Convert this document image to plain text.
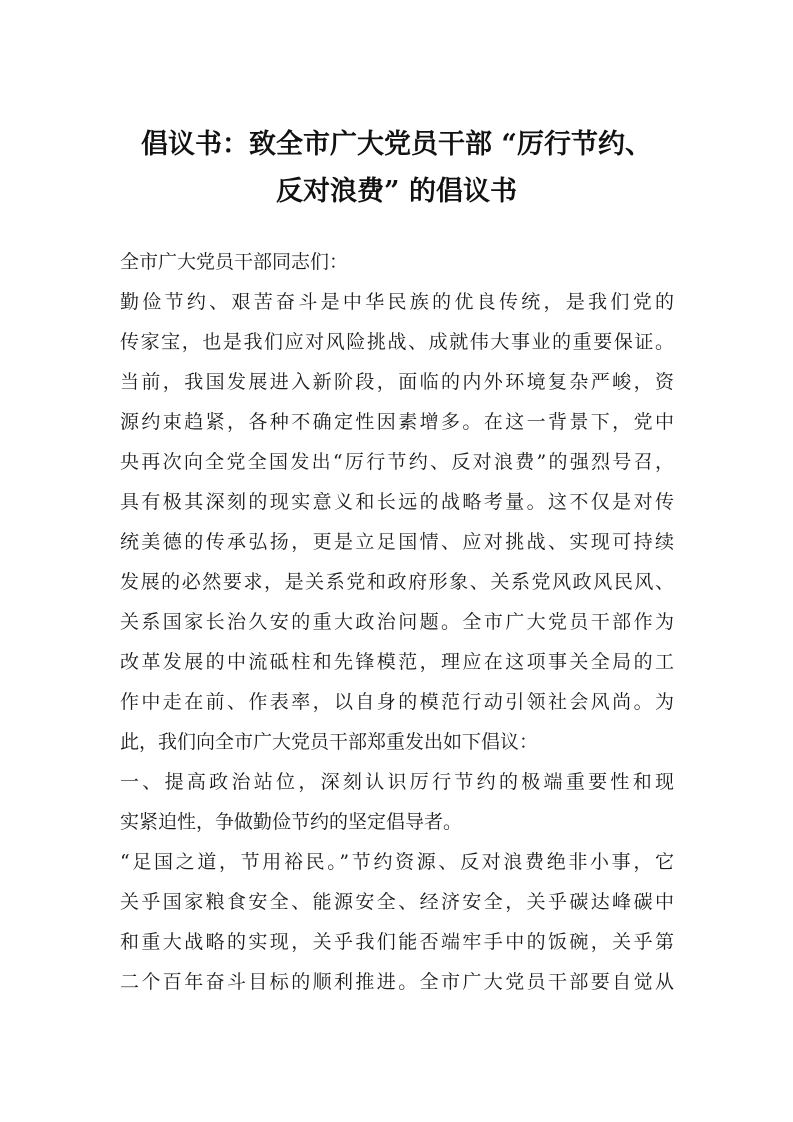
倡议书：致全市广大党员干部 “厉行节约、
反对浪费” 的倡议书
全市广大党员干部同志们：
勤俭节约、艰苦奋斗是中华民族的优良传统，是我们党的
传家宝，也是我们应对风险挑战、成就伟大事业的重要保证。
当前，我国发展进入新阶段，面临的内外环境复杂严峻，资
源约束趋紧，各种不确定性因素增多。在这一背景下，党中
央再次向全党全国发出“厉行节约、反对浪费”的强烈号召，
具有极其深刻的现实意义和长远的战略考量。这不仅是对传
统美德的传承弘扬，更是立足国情、应对挑战、实现可持续
发展的必然要求，是关系党和政府形象、关系党风政风民风、
关系国家长治久安的重大政治问题。全市广大党员干部作为
改革发展的中流砥柱和先锋模范，理应在这项事关全局的工
作中走在前、作表率，以自身的模范行动引领社会风尚。为
此，我们向全市广大党员干部郑重发出如下倡议：
一、提高政治站位，深刻认识厉行节约的极端重要性和现
实紧迫性，争做勤俭节约的坚定倡导者。
“足国之道，节用裕民。”节约资源、反对浪费绝非小事，它
关乎国家粮食安全、能源安全、经济安全，关乎碳达峰碳中
和重大战略的实现，关乎我们能否端牢手中的饭碗，关乎第
二个百年奋斗目标的顺利推进。全市广大党员干部要自觉从
